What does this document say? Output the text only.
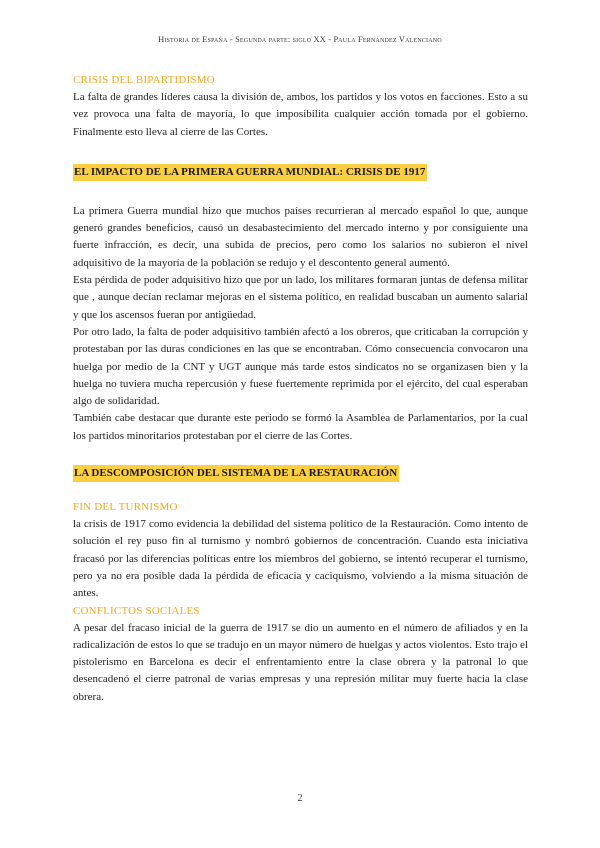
Historia de España - Segunda parte: siglo XX - Paula Fernández Valenciano
CRISIS DEL BIPARTIDISMO

La falta de grandes líderes causa la división de, ambos, los partidos y los votos en facciones. Esto a su vez provoca una falta de mayoría, lo que imposibilita cualquier acción tomada por el gobierno. Finalmente esto lleva al cierre de las Cortes.

EL IMPACTO DE LA PRIMERA GUERRA MUNDIAL: CRISIS DE 1917

La primera Guerra mundial hizo que muchos países recurrieran al mercado español lo que, aunque generó grandes beneficios, causó un desabastecimiento del mercado interno y por consiguiente una fuerte infracción, es decir, una subida de precios, pero como los salarios no subieron el nivel adquisitivo de la mayoría de la población se redujo y el descontento general aumentó.

Esta pérdida de poder adquisitivo hizo que por un lado, los militares formaran juntas de defensa militar que , aunque decían reclamar mejoras en el sistema político, en realidad buscaban un aumento salarial y que los ascensos fueran por antigüedad.

Por otro lado, la falta de poder adquisitivo también afectó a los obreros, que criticaban la corrupción y protestaban por las duras condiciones en las que se encontraban. Cómo consecuencia convocaron una huelga por medio de la CNT y UGT aunque más tarde estos sindicatos no se organizasen bien y la huelga no tuviera mucha repercusión y fuese fuertemente reprimida por el ejército, del cual esperaban algo de solidaridad.

También cabe destacar que durante este periodo se formó la Asamblea de Parlamentarios, por la cual los partidos minoritarios protestaban por el cierre de las Cortes.

LA DESCOMPOSICIÓN DEL SISTEMA DE LA RESTAURACIÓN
FIN DEL TURNISMO

la crisis de 1917 como evidencia la debilidad del sistema político de la Restauración. Como intento de solución el rey puso fin al turnismo y nombró gobiernos de concentración. Cuando esta iniciativa fracasó por las diferencias políticas entre los miembros del gobierno, se intentó recuperar el turnismo, pero ya no era posible dada la pérdida de eficacia y caciquismo, volviendo a la misma situación de antes.

CONFLICTOS SOCIALES

A pesar del fracaso inicial de la guerra de 1917 se dio un aumento en el número de afiliados y en la radicalización de estos lo que se tradujo en un mayor número de huelgas y actos violentos. Esto trajo el pistolerismo en Barcelona es decir el enfrentamiento entre la clase obrera y la patronal lo que desencadenó el cierre patronal de varias empresas y una represión militar muy fuerte hacia la clase obrera.

2
